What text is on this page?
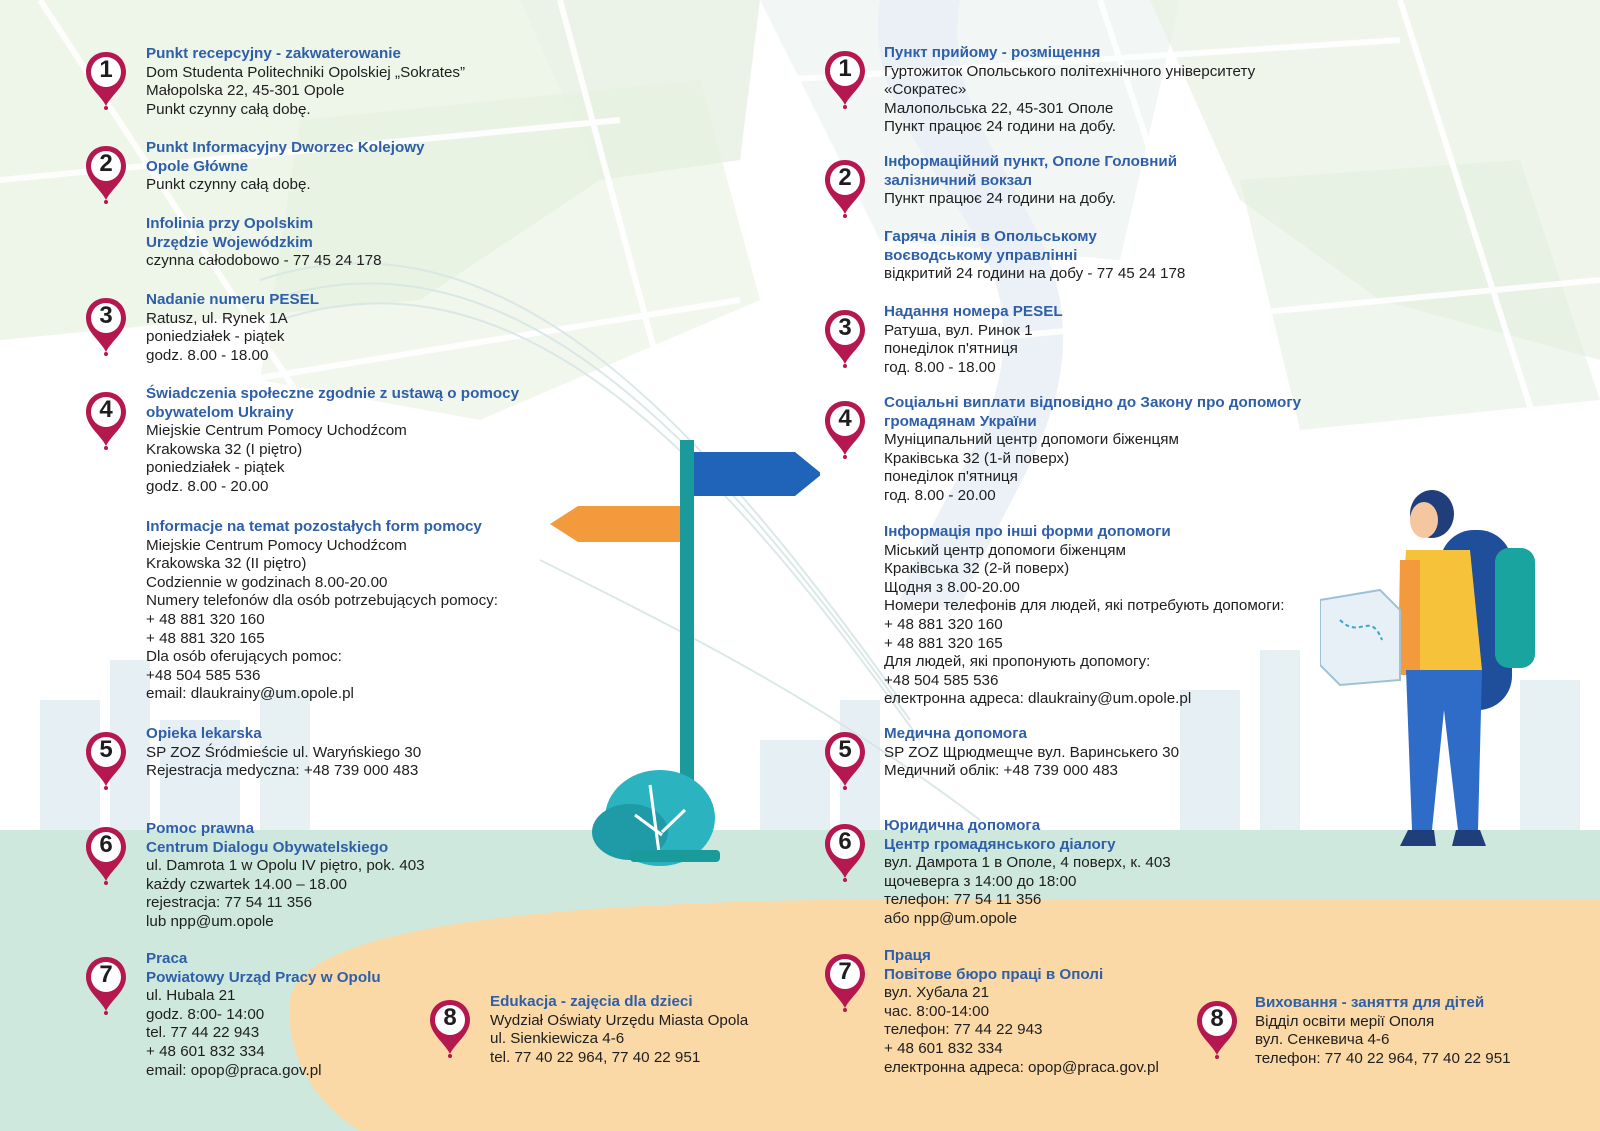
1
Punkt recepcyjny - zakwaterowanie
Dom Studenta Politechniki Opolskiej „Sokrates”
Małopolska 22, 45-301 Opole
Punkt czynny całą dobę.
2
Punkt Informacyjny Dworzec Kolejowy
Opole Główne
Punkt czynny całą dobę.
Infolinia przy Opolskim
Urzędzie Wojewódzkim
czynna całodobowo - 77 45 24 178
3
Nadanie numeru PESEL
Ratusz, ul. Rynek 1A
poniedziałek - piątek
godz. 8.00 - 18.00
4
Świadczenia społeczne zgodnie z ustawą o pomocy
obywatelom Ukrainy
Miejskie Centrum Pomocy Uchodźcom
Krakowska 32 (I piętro)
poniedziałek - piątek
godz. 8.00 - 20.00
Informacje na temat pozostałych form pomocy
Miejskie Centrum Pomocy Uchodźcom
Krakowska 32 (II piętro)
Codziennie w godzinach 8.00-20.00
Numery telefonów dla osób potrzebujących pomocy:
+ 48 881 320 160
+ 48 881 320 165
Dla osób oferujących pomoc:
+48 504 585 536
email: dlaukrainy@um.opole.pl
5
Opieka lekarska
SP ZOZ Śródmieście ul. Waryńskiego 30
Rejestracja medyczna: +48 739 000 483
6
Pomoc prawna
Centrum Dialogu Obywatelskiego
ul. Damrota 1 w Opolu IV piętro, pok. 403
każdy czwartek 14.00 – 18.00
rejestracja: 77 54 11 356
lub npp@um.opole
7
Praca
Powiatowy Urząd Pracy w Opolu
ul. Hubala 21
godz. 8:00- 14:00
tel. 77 44 22 943
+ 48 601 832 334
email: opop@praca.gov.pl
8
Edukacja - zajęcia dla dzieci
Wydział Oświaty Urzędu Miasta Opola
ul. Sienkiewicza 4-6
tel. 77 40 22 964, 77 40 22 951
1
Пункт прийому - розміщення
Гуртожиток Опольського політехнічного університету
«Сократес»
Малопольська 22, 45-301 Ополе
Пункт працює 24 години на добу.
2
Інформаційний пункт, Ополе Головний
залізничний вокзал
Пункт працює 24 години на добу.
Гаряча лінія в Опольському
воєводському управлінні
відкритий 24 години на добу - 77 45 24 178
3
Надання номера PESEL
Ратуша, вул. Ринок 1
понеділок п'ятниця
год. 8.00 - 18.00
4
Соціальні виплати відповідно до Закону про допомогу
громадянам України
Муніципальний центр допомоги біженцям
Краківська 32 (1-й поверх)
понеділок п'ятниця
год. 8.00 - 20.00
Інформація про інші форми допомоги
Міський центр допомоги біженцям
Краківська 32 (2-й поверх)
Щодня з 8.00-20.00
Номери телефонів для людей, які потребують допомоги:
+ 48 881 320 160
+ 48 881 320 165
Для людей, які пропонують допомогу:
+48 504 585 536
електронна адреса: dlaukrainy@um.opole.pl
5
Медична допомога
SP ZOZ Щрюдмещче вул. Варинськего 30
Медичний облік: +48 739 000 483
6
Юридична допомога
Центр громадянського діалогу
вул. Дамрота 1 в Ополе, 4 поверх, к. 403
щочеверга з 14:00 до 18:00
телефон: 77 54 11 356
або npp@um.opole
7
Праця
Повітове бюро праці в Ополі
вул. Хубала 21
час. 8:00-14:00
телефон: 77 44 22 943
+ 48 601 832 334
електронна адреса: opop@praca.gov.pl
8
Виховання - заняття для дітей
Відділ освіти мерії Ополя
вул. Сенкевича 4-6
телефон: 77 40 22 964, 77 40 22 951
